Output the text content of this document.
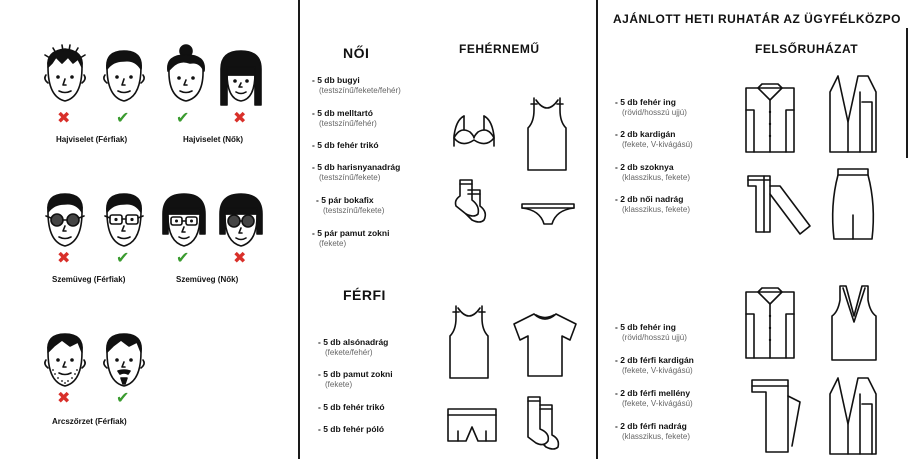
✖	✔	✔	✖
Hajviselet (Férfiak)	Hajviselet (Nők)
✖	✔	✔	✖
Szemüveg (Férfiak)	Szemüveg (Nők)
✖	✔
Arcszőrzet (Férfiak)
NŐI	FEHÉRNEMŰ
- 5 db bugyi
(testszínű/fekete/fehér)
- 5 db melltartó
(testszínű/fehér)
- 5 db fehér trikó
- 5 db harisnyanadrág
(testszínű/fekete)
- 5 pár bokafix
(testszínű/fekete)
- 5 pár pamut zokni
(fekete)
FÉRFI
- 5 db alsónadrág
(fekete/fehér)
- 5 db pamut zokni
(fekete)
- 5 db fehér trikó
- 5 db fehér póló
AJÁNLOTT HETI RUHATÁR AZ ÜGYFÉLKÖZPO
FELSŐRUHÁZAT
- 5 db fehér ing
(rövid/hosszú ujjú)
- 2 db kardigán
(fekete, V-kivágású)
- 2 db szoknya
(klasszikus, fekete)
- 2 db női nadrág
(klasszikus, fekete)
- 5 db fehér ing
(rövid/hosszú ujjú)
- 2 db férfi kardigán
(fekete, V-kivágású)
- 2 db férfi mellény
(fekete, V-kivágású)
- 2 db férfi nadrág
(klasszikus, fekete)
